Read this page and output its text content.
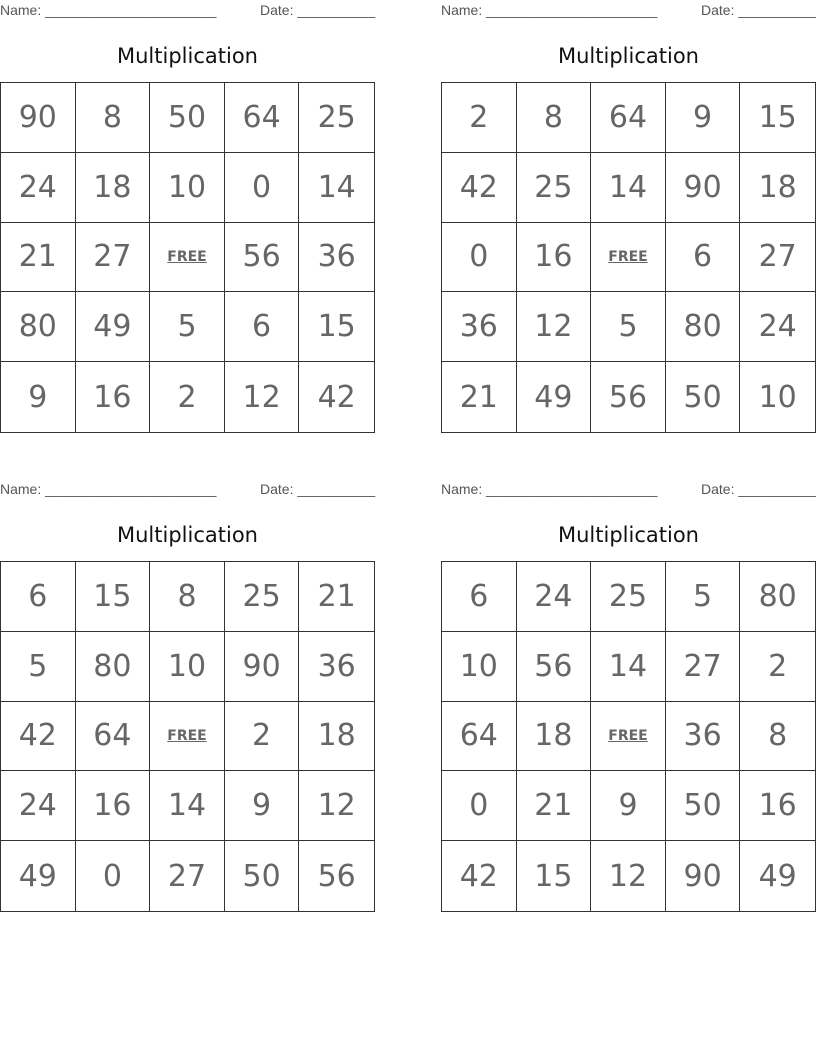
Name: ______________________	Date: __________
Multiplication
90	8	50	64	25
24	18	10	0	14
21	27	FREE	56	36
80	49	5	6	15
9	16	2	12	42
Name: ______________________	Date: __________
Multiplication
2	8	64	9	15
42	25	14	90	18
0	16	FREE	6	27
36	12	5	80	24
21	49	56	50	10
Name: ______________________	Date: __________
Multiplication
6	15	8	25	21
5	80	10	90	36
42	64	FREE	2	18
24	16	14	9	12
49	0	27	50	56
Name: ______________________	Date: __________
Multiplication
6	24	25	5	80
10	56	14	27	2
64	18	FREE	36	8
0	21	9	50	16
42	15	12	90	49
